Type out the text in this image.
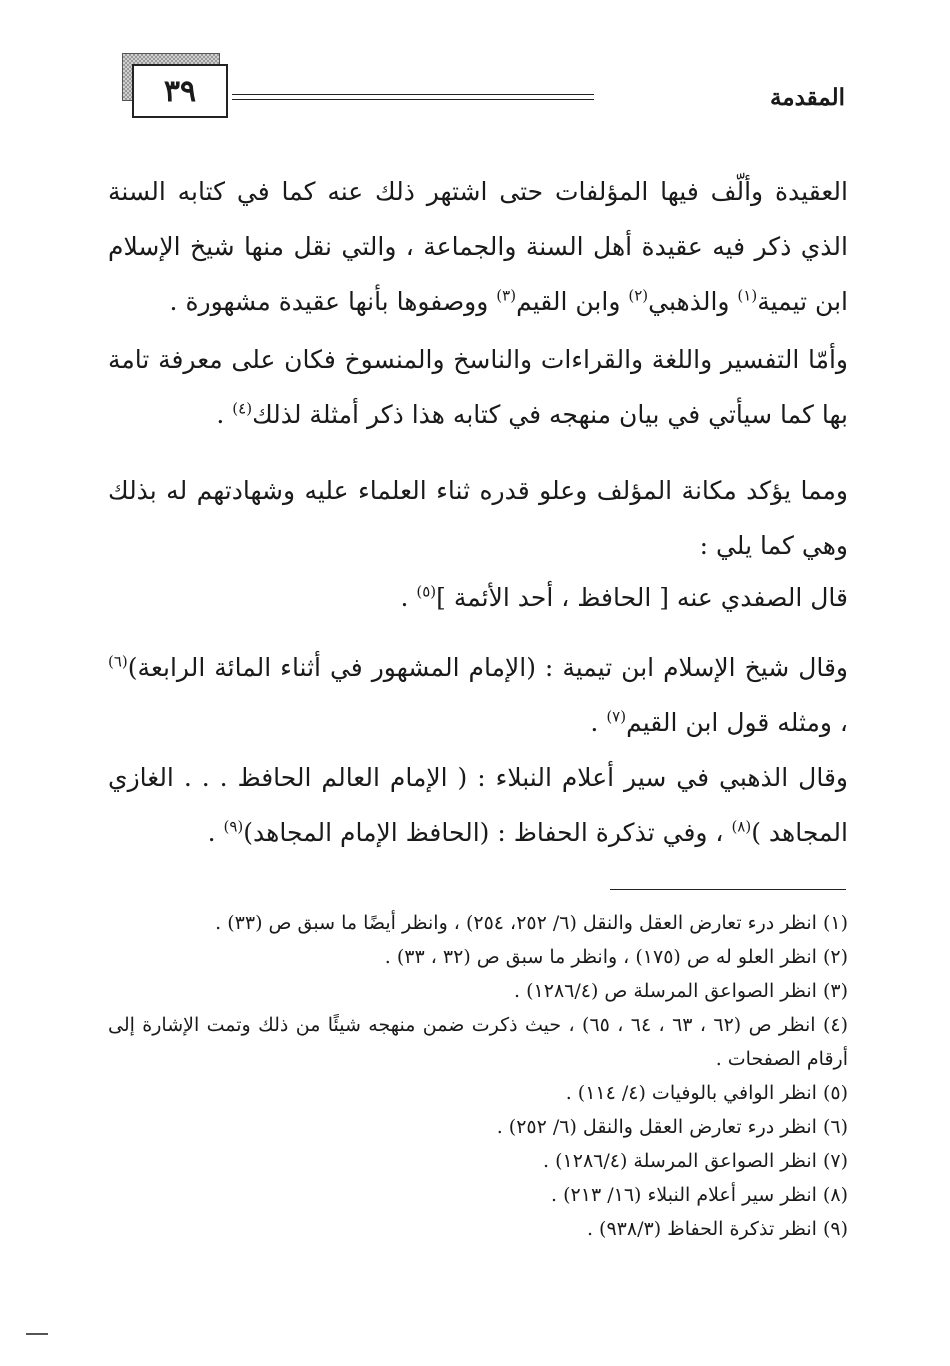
٣٩	المقدمة

العقيدة وألّف فيها المؤلفات حتى اشتهر ذلك عنه كما في كتابه السنة الذي ذكر فيه عقيدة أهل السنة والجماعة ، والتي نقل منها شيخ الإسلام ابن تيمية$^{(١)}$ والذهبي$^{(٢)}$ وابن القيم$^{(٣)}$ ووصفوها بأنها عقيدة مشهورة .

وأمّا التفسير واللغة والقراءات والناسخ والمنسوخ فكان على معرفة تامة بها كما سيأتي في بيان منهجه في كتابه هذا ذكر أمثلة لذلك$^{(٤)}$ .

ومما يؤكد مكانة المؤلف وعلو قدره ثناء العلماء عليه وشهادتهم له بذلك وهي كما يلي :

قال الصفدي عنه [ الحافظ ، أحد الأئمة ]$^{(٥)}$ .

وقال شيخ الإسلام ابن تيمية : (الإمام المشهور في أثناء المائة الرابعة)$^{(٦)}$ ، ومثله قول ابن القيم$^{(٧)}$ .

وقال الذهبي في سير أعلام النبلاء : ( الإمام العالم الحافظ . . . الغازي المجاهد )$^{(٨)}$ ، وفي تذكرة الحفاظ : (الحافظ الإمام المجاهد)$^{(٩)}$ .

(١) انظر درء تعارض العقل والنقل (٦/ ٢٥٢، ٢٥٤) ، وانظر أيضًا ما سبق ص (٣٣) .
(٢) انظر العلو له ص (١٧٥) ، وانظر ما سبق ص (٣٢ ، ٣٣) .
(٣) انظر الصواعق المرسلة ص (١٢٨٦/٤) .
(٤) انظر ص (٦٢ ، ٦٣ ، ٦٤ ، ٦٥) ، حيث ذكرت ضمن منهجه شيئًا من ذلك وتمت الإشارة إلى أرقام الصفحات .
(٥) انظر الوافي بالوفيات (٤/ ١١٤) .
(٦) انظر درء تعارض العقل والنقل (٦/ ٢٥٢) .
(٧) انظر الصواعق المرسلة (١٢٨٦/٤) .
(٨) انظر سير أعلام النبلاء (١٦/ ٢١٣) .
(٩) انظر تذكرة الحفاظ (٩٣٨/٣) .
